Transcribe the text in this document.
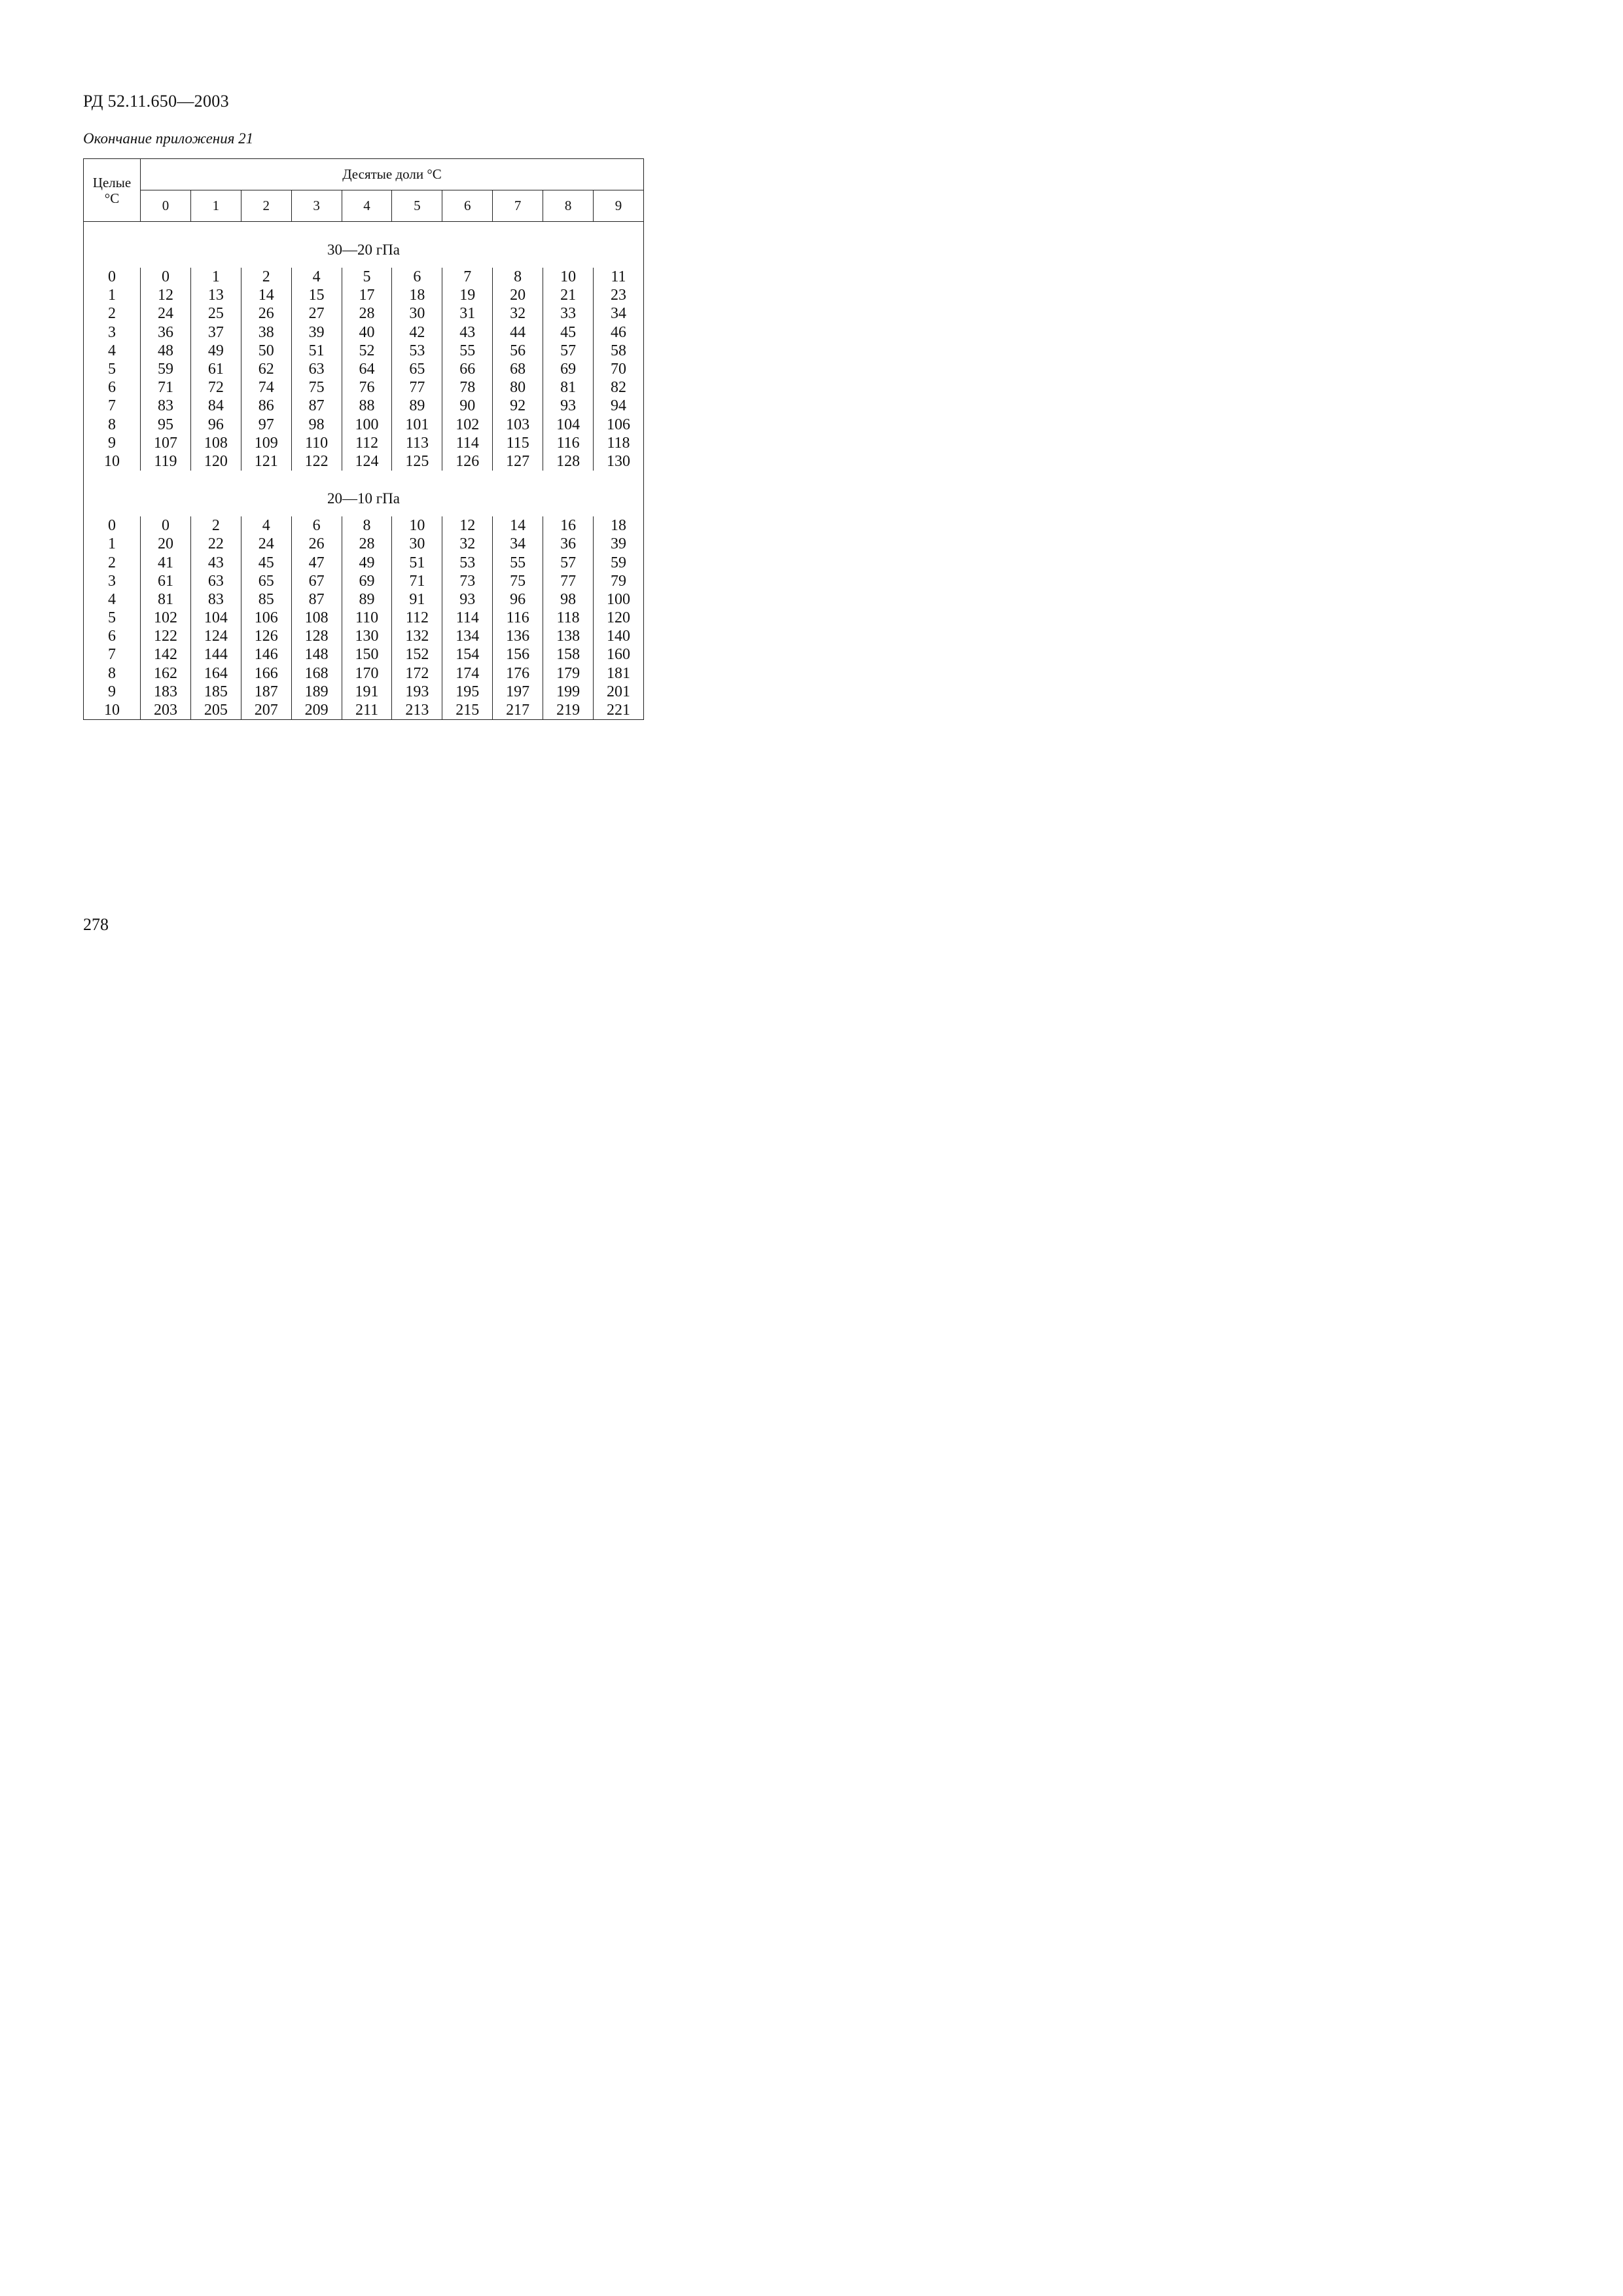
РД 52.11.650—2003
Окончание приложения 21
Целые
°C	Десятые доли °C									
	0	1	2	3	4	5	6	7	8	9
30—20 гПа										

0	0	1	2	4	5	6	7	8	10	11
1	12	13	14	15	17	18	19	20	21	23
2	24	25	26	27	28	30	31	32	33	34
3	36	37	38	39	40	42	43	44	45	46
4	48	49	50	51	52	53	55	56	57	58
5	59	61	62	63	64	65	66	68	69	70
6	71	72	74	75	76	77	78	80	81	82
7	83	84	86	87	88	89	90	92	93	94
8	95	96	97	98	100	101	102	103	104	106
9	107	108	109	110	112	113	114	115	116	118
10	119	120	121	122	124	125	126	127	128	130
20—10 гПа										

0	0	2	4	6	8	10	12	14	16	18
1	20	22	24	26	28	30	32	34	36	39
2	41	43	45	47	49	51	53	55	57	59
3	61	63	65	67	69	71	73	75	77	79
4	81	83	85	87	89	91	93	96	98	100
5	102	104	106	108	110	112	114	116	118	120
6	122	124	126	128	130	132	134	136	138	140
7	142	144	146	148	150	152	154	156	158	160
8	162	164	166	168	170	172	174	176	179	181
9	183	185	187	189	191	193	195	197	199	201
10	203	205	207	209	211	213	215	217	219	221
278
